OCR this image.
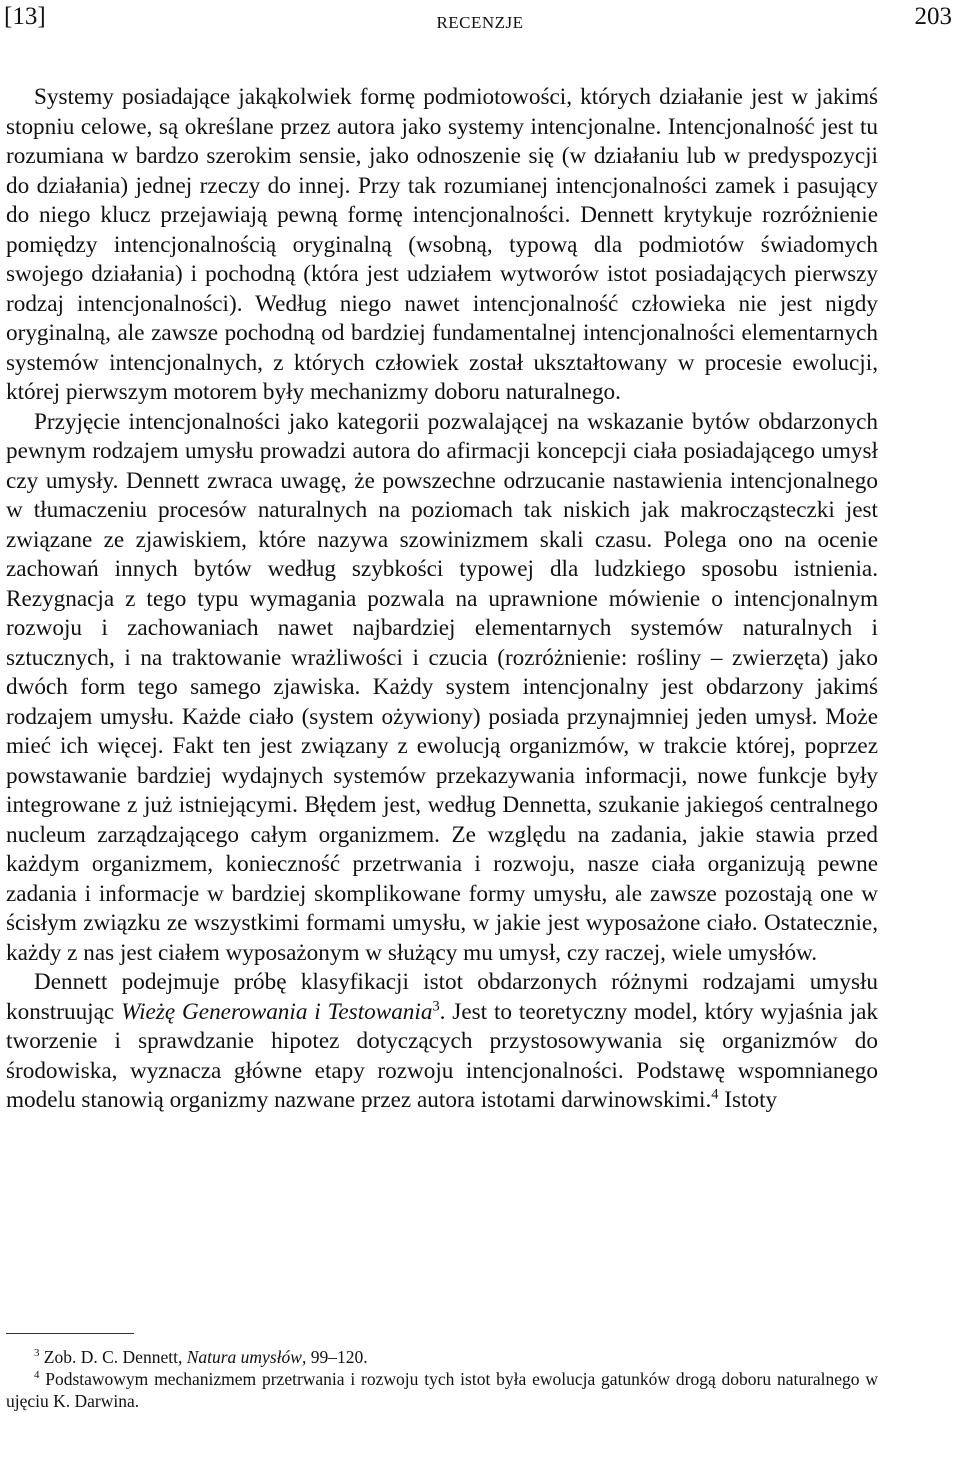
[13]	RECENZJE	203

Systemy posiadające jakąkolwiek formę podmiotowości, których działanie jest w jakimś stopniu celowe, są określane przez autora jako systemy intencjonalne. Intencjonalność jest tu rozumiana w bardzo szerokim sensie, jako odnoszenie się (w działaniu lub w predyspozycji do działania) jednej rzeczy do innej. Przy tak rozumianej intencjonalności zamek i pasujący do niego klucz przejawiają pewną formę intencjonalności. Dennett krytykuje rozróżnienie pomiędzy intencjonalnością oryginalną (wsobną, typową dla podmiotów świadomych swojego działania) i pochodną (która jest udziałem wytworów istot posiadających pierwszy rodzaj intencjonalności). Według niego nawet intencjonalność człowieka nie jest nigdy oryginalną, ale zawsze pochodną od bardziej fundamentalnej intencjonalności elementarnych systemów intencjonalnych, z których człowiek został ukształtowany w procesie ewolucji, której pierwszym motorem były mechanizmy doboru naturalnego.

Przyjęcie intencjonalności jako kategorii pozwalającej na wskazanie bytów obdarzonych pewnym rodzajem umysłu prowadzi autora do afirmacji koncepcji ciała posiadającego umysł czy umysły. Dennett zwraca uwagę, że powszechne odrzucanie nastawienia intencjonalnego w tłumaczeniu procesów naturalnych na poziomach tak niskich jak makrocząsteczki jest związane ze zjawiskiem, które nazywa szowinizmem skali czasu. Polega ono na ocenie zachowań innych bytów według szybkości typowej dla ludzkiego sposobu istnienia. Rezygnacja z tego typu wymagania pozwala na uprawnione mówienie o intencjonalnym rozwoju i zachowaniach nawet najbardziej elementarnych systemów naturalnych i sztucznych, i na traktowanie wrażliwości i czucia (rozróżnienie: rośliny – zwierzęta) jako dwóch form tego samego zjawiska. Każdy system intencjonalny jest obdarzony jakimś rodzajem umysłu. Każde ciało (system ożywiony) posiada przynajmniej jeden umysł. Może mieć ich więcej. Fakt ten jest związany z ewolucją organizmów, w trakcie której, poprzez powstawanie bardziej wydajnych systemów przekazywania informacji, nowe funkcje były integrowane z już istniejącymi. Błędem jest, według Dennetta, szukanie jakiegoś centralnego nucleum zarządzającego całym organizmem. Ze względu na zadania, jakie stawia przed każdym organizmem, konieczność przetrwania i rozwoju, nasze ciała organizują pewne zadania i informacje w bardziej skomplikowane formy umysłu, ale zawsze pozostają one w ścisłym związku ze wszystkimi formami umysłu, w jakie jest wyposażone ciało. Ostatecznie, każdy z nas jest ciałem wyposażonym w służący mu umysł, czy raczej, wiele umysłów.

Dennett podejmuje próbę klasyfikacji istot obdarzonych różnymi rodzajami umysłu konstruując Wieżę Generowania i Testowania$^3$. Jest to teoretyczny model, który wyjaśnia jak tworzenie i sprawdzanie hipotez dotyczących przystosowywania się organizmów do środowiska, wyznacza główne etapy rozwoju intencjonalności. Podstawę wspomnianego modelu stanowią organizmy nazwane przez autora istotami darwinowskimi.$^4$ Istoty

$^3$ Zob. D. C. Dennett, Natura umysłów, 99–120.

$^4$ Podstawowym mechanizmem przetrwania i rozwoju tych istot była ewolucja gatunków drogą doboru naturalnego w ujęciu K. Darwina.
